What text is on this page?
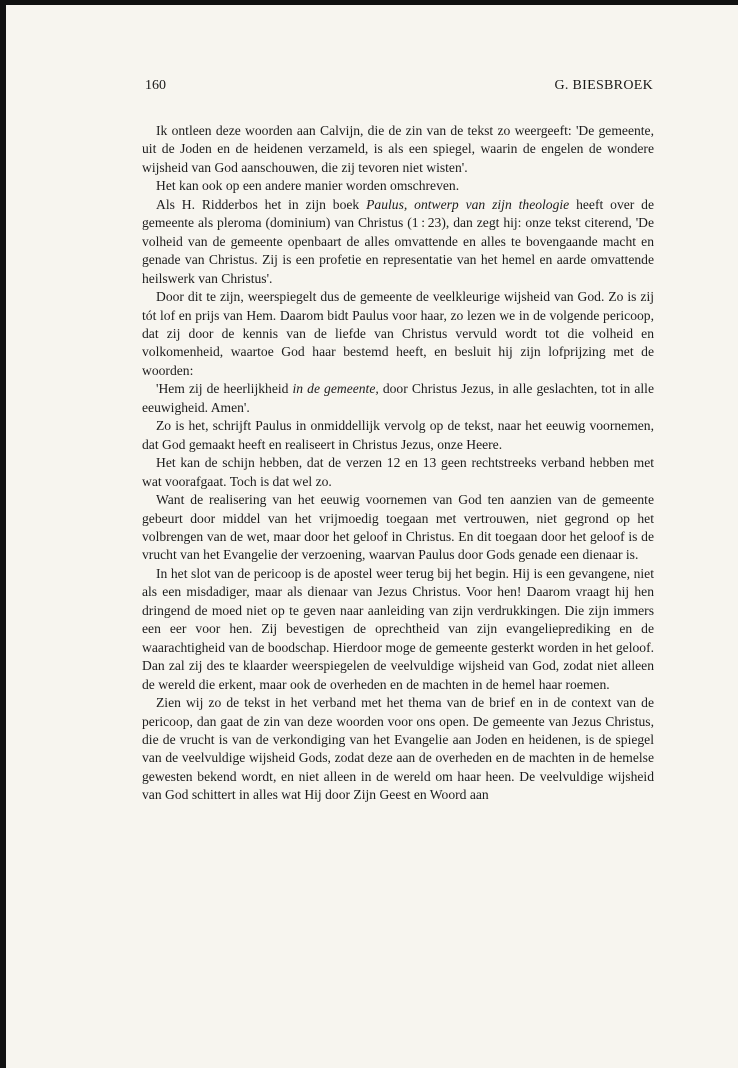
160	G. BIESBROEK

Ik ontleen deze woorden aan Calvijn, die de zin van de tekst zo weergeeft: 'De gemeente, uit de Joden en de heidenen verzameld, is als een spiegel, waarin de engelen de wondere wijsheid van God aanschouwen, die zij tevoren niet wisten'.

Het kan ook op een andere manier worden omschreven.

Als H. Ridderbos het in zijn boek Paulus, ontwerp van zijn theologie heeft over de gemeente als pleroma (dominium) van Christus (1 : 23), dan zegt hij: onze tekst citerend, 'De volheid van de gemeente openbaart de alles omvattende en alles te bovengaande macht en genade van Christus. Zij is een profetie en representatie van het hemel en aarde omvattende heilswerk van Christus'.

Door dit te zijn, weerspiegelt dus de gemeente de veelkleurige wijsheid van God. Zo is zij tót lof en prijs van Hem. Daarom bidt Paulus voor haar, zo lezen we in de volgende pericoop, dat zij door de kennis van de liefde van Christus vervuld wordt tot die volheid en volkomenheid, waartoe God haar bestemd heeft, en besluit hij zijn lofprijzing met de woorden:

'Hem zij de heerlijkheid in de gemeente, door Christus Jezus, in alle geslachten, tot in alle eeuwigheid. Amen'.

Zo is het, schrijft Paulus in onmiddellijk vervolg op de tekst, naar het eeuwig voornemen, dat God gemaakt heeft en realiseert in Christus Jezus, onze Heere.

Het kan de schijn hebben, dat de verzen 12 en 13 geen rechtstreeks verband hebben met wat voorafgaat. Toch is dat wel zo.

Want de realisering van het eeuwig voornemen van God ten aanzien van de gemeente gebeurt door middel van het vrijmoedig toegaan met vertrouwen, niet gegrond op het volbrengen van de wet, maar door het geloof in Christus. En dit toegaan door het geloof is de vrucht van het Evangelie der verzoening, waarvan Paulus door Gods genade een dienaar is.

In het slot van de pericoop is de apostel weer terug bij het begin. Hij is een gevangene, niet als een misdadiger, maar als dienaar van Jezus Christus. Voor hen! Daarom vraagt hij hen dringend de moed niet op te geven naar aanleiding van zijn verdrukkingen. Die zijn immers een eer voor hen. Zij bevestigen de oprechtheid van zijn evangelieprediking en de waarachtigheid van de boodschap. Hierdoor moge de gemeente gesterkt worden in het geloof. Dan zal zij des te klaarder weerspiegelen de veelvuldige wijsheid van God, zodat niet alleen de wereld die erkent, maar ook de overheden en de machten in de hemel haar roemen.

Zien wij zo de tekst in het verband met het thema van de brief en in de context van de pericoop, dan gaat de zin van deze woorden voor ons open. De gemeente van Jezus Christus, die de vrucht is van de verkondiging van het Evangelie aan Joden en heidenen, is de spiegel van de veelvuldige wijsheid Gods, zodat deze aan de overheden en de machten in de hemelse gewesten bekend wordt, en niet alleen in de wereld om haar heen. De veelvuldige wijsheid van God schittert in alles wat Hij door Zijn Geest en Woord aan
